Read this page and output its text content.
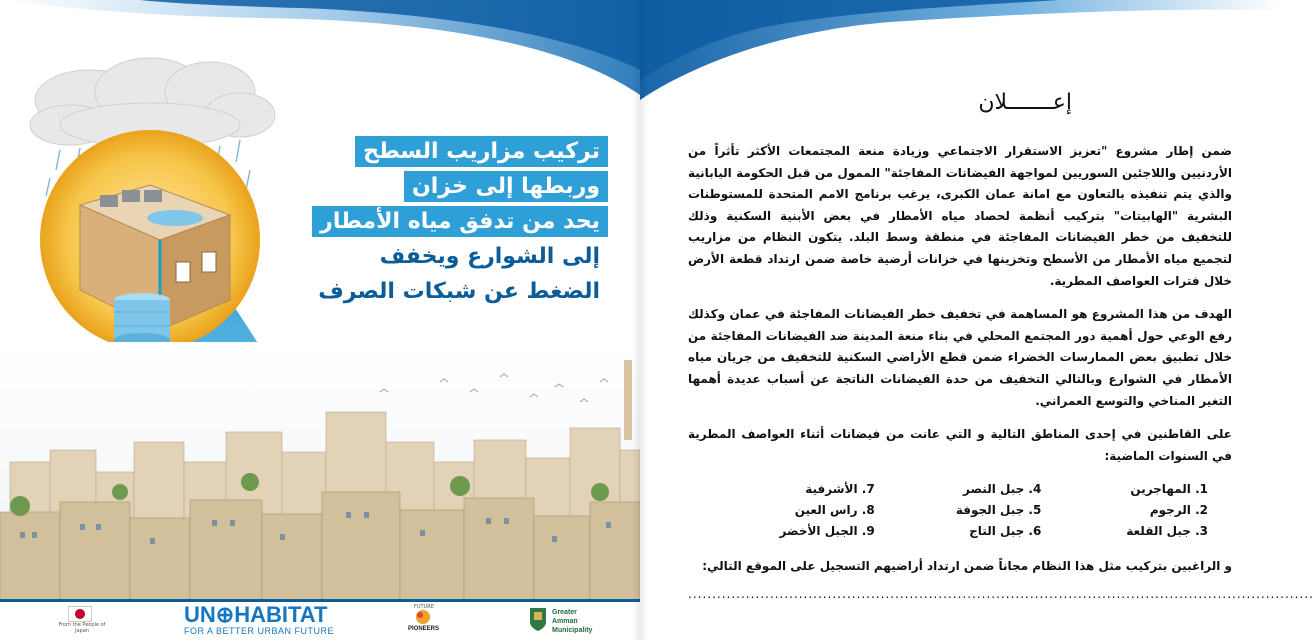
تركيب مزاريب السطح
وربطها إلى خزان
يحد من تدفق مياه الأمطار
إلى الشوارع ويخفف
الضغط عن شبكات الصرف
From the People of Japan
UN⊕HABITAT
FOR A BETTER URBAN FUTURE
FUTURE
PIONEERS
Greater
Amman
Municipality
إعـــــــلان

ضمن إطار مشروع "تعزيز الاستقرار الاجتماعي وزيادة منعة المجتمعات الأكثر تأثراً من الأردنيين واللاجئين السوريين لمواجهة الفيضانات المفاجئة" الممول من قبل الحكومة اليابانية والذي يتم تنفيذه بالتعاون مع امانة عمان الكبرى، يرغب برنامج الامم المتحدة للمستوطنات البشرية "الهابيتات" بتركيب أنظمة لحصاد مياه الأمطار في بعض الأبنية السكنية وذلك للتخفيف من خطر الفيضانات المفاجئة في منطقة وسط البلد. يتكون النظام من مزاريب لتجميع مياه الأمطار من الأسطح وتخزينها في خزانات أرضية خاصة ضمن ارتداد قطعة الأرض خلال فترات العواصف المطرية.

الهدف من هذا المشروع هو المساهمة في تخفيف خطر الفيضانات المفاجئة في عمان وكذلك رفع الوعي حول أهمية دور المجتمع المحلي في بناء منعة المدينة ضد الفيضانات المفاجئة من خلال تطبيق بعض الممارسات الخضراء ضمن قطع الأراضي السكنية للتخفيف من جريان مياه الأمطار في الشوارع وبالتالي التخفيف من حدة الفيضانات الناتجة عن أسباب عديدة أهمها التغير المناخي والتوسع العمراني.

على القاطنين في إحدى المناطق التالية و التي عانت من فيضانات أثناء العواصف المطرية في السنوات الماضية:

1. المهاجرين
4. جبل النصر
7. الأشرفية
2. الرجوم
5. جبل الجوفة
8. راس العين
3. جبل القلعة
6. جبل التاج
9. الجبل الأخضر

و الراغبين بتركيب مثل هذا النظام مجاناً ضمن ارتداد أراضيهم التسجيل على الموقع التالي:

..................................................................................................................................
